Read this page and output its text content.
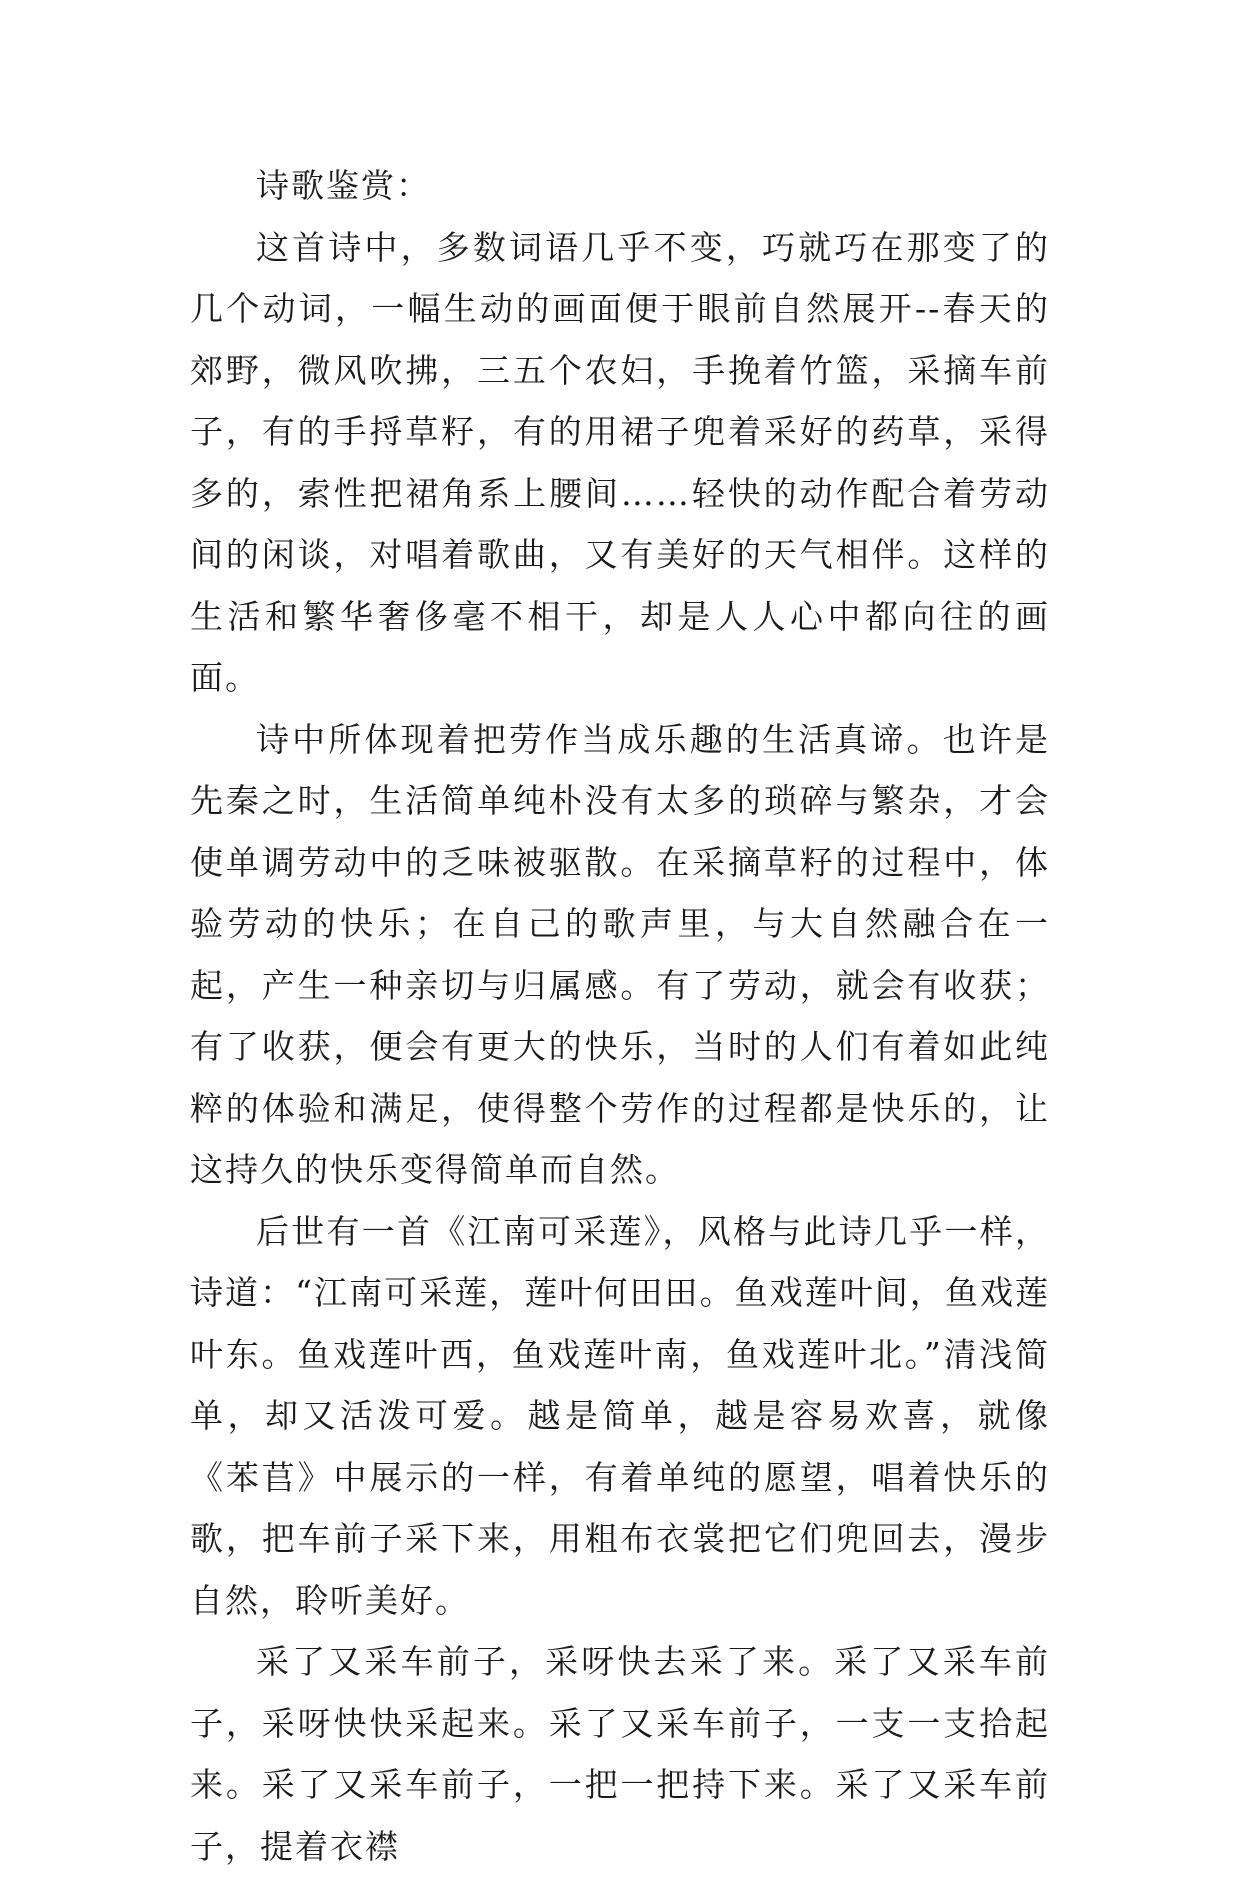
诗歌鉴赏：

这首诗中，多数词语几乎不变，巧就巧在那变了的几个动词，一幅生动的画面便于眼前自然展开--春天的郊野，微风吹拂，三五个农妇，手挽着竹篮，采摘车前子，有的手捋草籽，有的用裙子兜着采好的药草，采得多的，索性把裙角系上腰间……轻快的动作配合着劳动间的闲谈，对唱着歌曲，又有美好的天气相伴。这样的生活和繁华奢侈毫不相干，却是人人心中都向往的画面。

诗中所体现着把劳作当成乐趣的生活真谛。也许是先秦之时，生活简单纯朴没有太多的琐碎与繁杂，才会使单调劳动中的乏味被驱散。在采摘草籽的过程中，体验劳动的快乐；在自己的歌声里，与大自然融合在一起，产生一种亲切与归属感。有了劳动，就会有收获；有了收获，便会有更大的快乐，当时的人们有着如此纯粹的体验和满足，使得整个劳作的过程都是快乐的，让这持久的快乐变得简单而自然。

后世有一首《江南可采莲》，风格与此诗几乎一样，诗道：“江南可采莲，莲叶何田田。鱼戏莲叶间，鱼戏莲叶东。鱼戏莲叶西，鱼戏莲叶南，鱼戏莲叶北。”清浅简单，却又活泼可爱。越是简单，越是容易欢喜，就像《苯苢》中展示的一样，有着单纯的愿望，唱着快乐的歌，把车前子采下来，用粗布衣裳把它们兜回去，漫步自然，聆听美好。

采了又采车前子，采呀快去采了来。采了又采车前子，采呀快快采起来。采了又采车前子，一支一支拾起来。采了又采车前子，一把一把持下来。采了又采车前子，提着衣襟
